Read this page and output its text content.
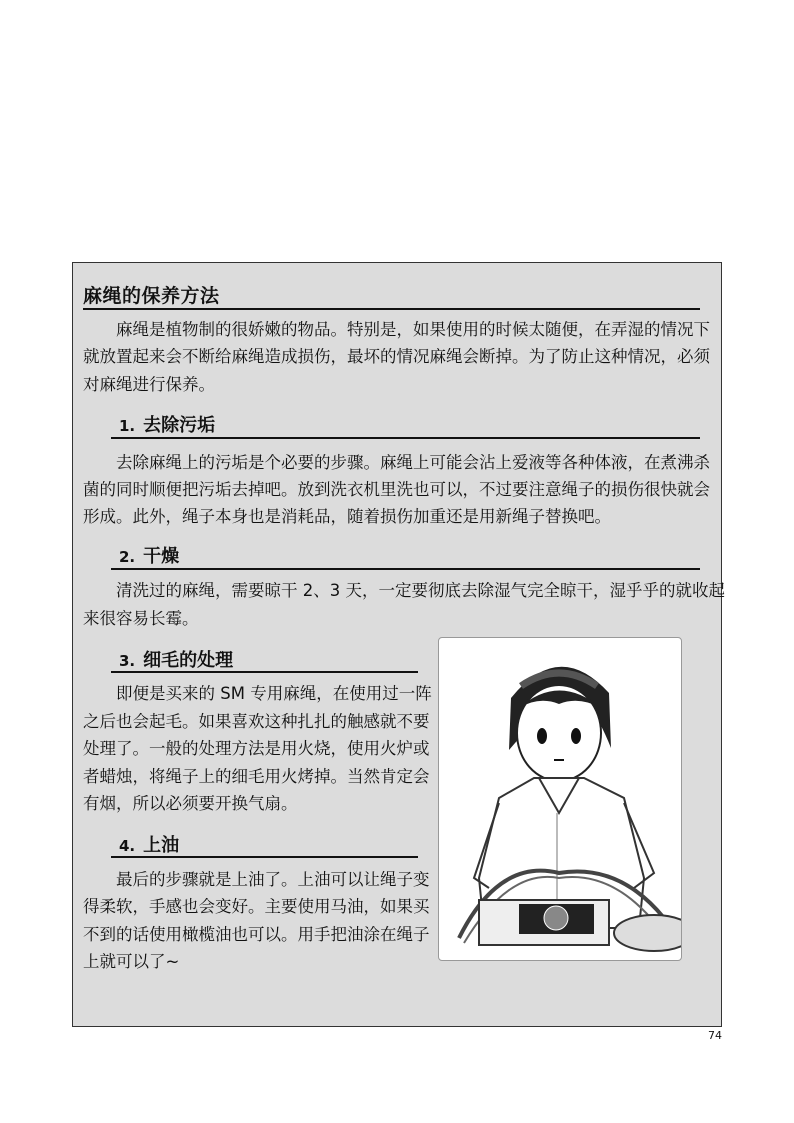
麻绳的保养方法
　　麻绳是植物制的很娇嫩的物品。特别是，如果使用的时候太随便，在弄湿的情况下
就放置起来会不断给麻绳造成损伤，最坏的情况麻绳会断掉。为了防止这种情况，必须
对麻绳进行保养。
1. 去除污垢
　　去除麻绳上的污垢是个必要的步骤。麻绳上可能会沾上爱液等各种体液，在煮沸杀
菌的同时顺便把污垢去掉吧。放到洗衣机里洗也可以，不过要注意绳子的损伤很快就会
形成。此外，绳子本身也是消耗品，随着损伤加重还是用新绳子替换吧。
2. 干燥
　　清洗过的麻绳，需要晾干 2、3 天，一定要彻底去除湿气完全晾干，湿乎乎的就收起
来很容易长霉。
3. 细毛的处理
　　即便是买来的 SM 专用麻绳，在使用过一阵
之后也会起毛。如果喜欢这种扎扎的触感就不要
处理了。一般的处理方法是用火烧，使用火炉或
者蜡烛，将绳子上的细毛用火烤掉。当然肯定会
有烟，所以必须要开换气扇。
4. 上油
　　最后的步骤就是上油了。上油可以让绳子变
得柔软，手感也会变好。主要使用马油，如果买
不到的话使用橄榄油也可以。用手把油涂在绳子
上就可以了~
74
